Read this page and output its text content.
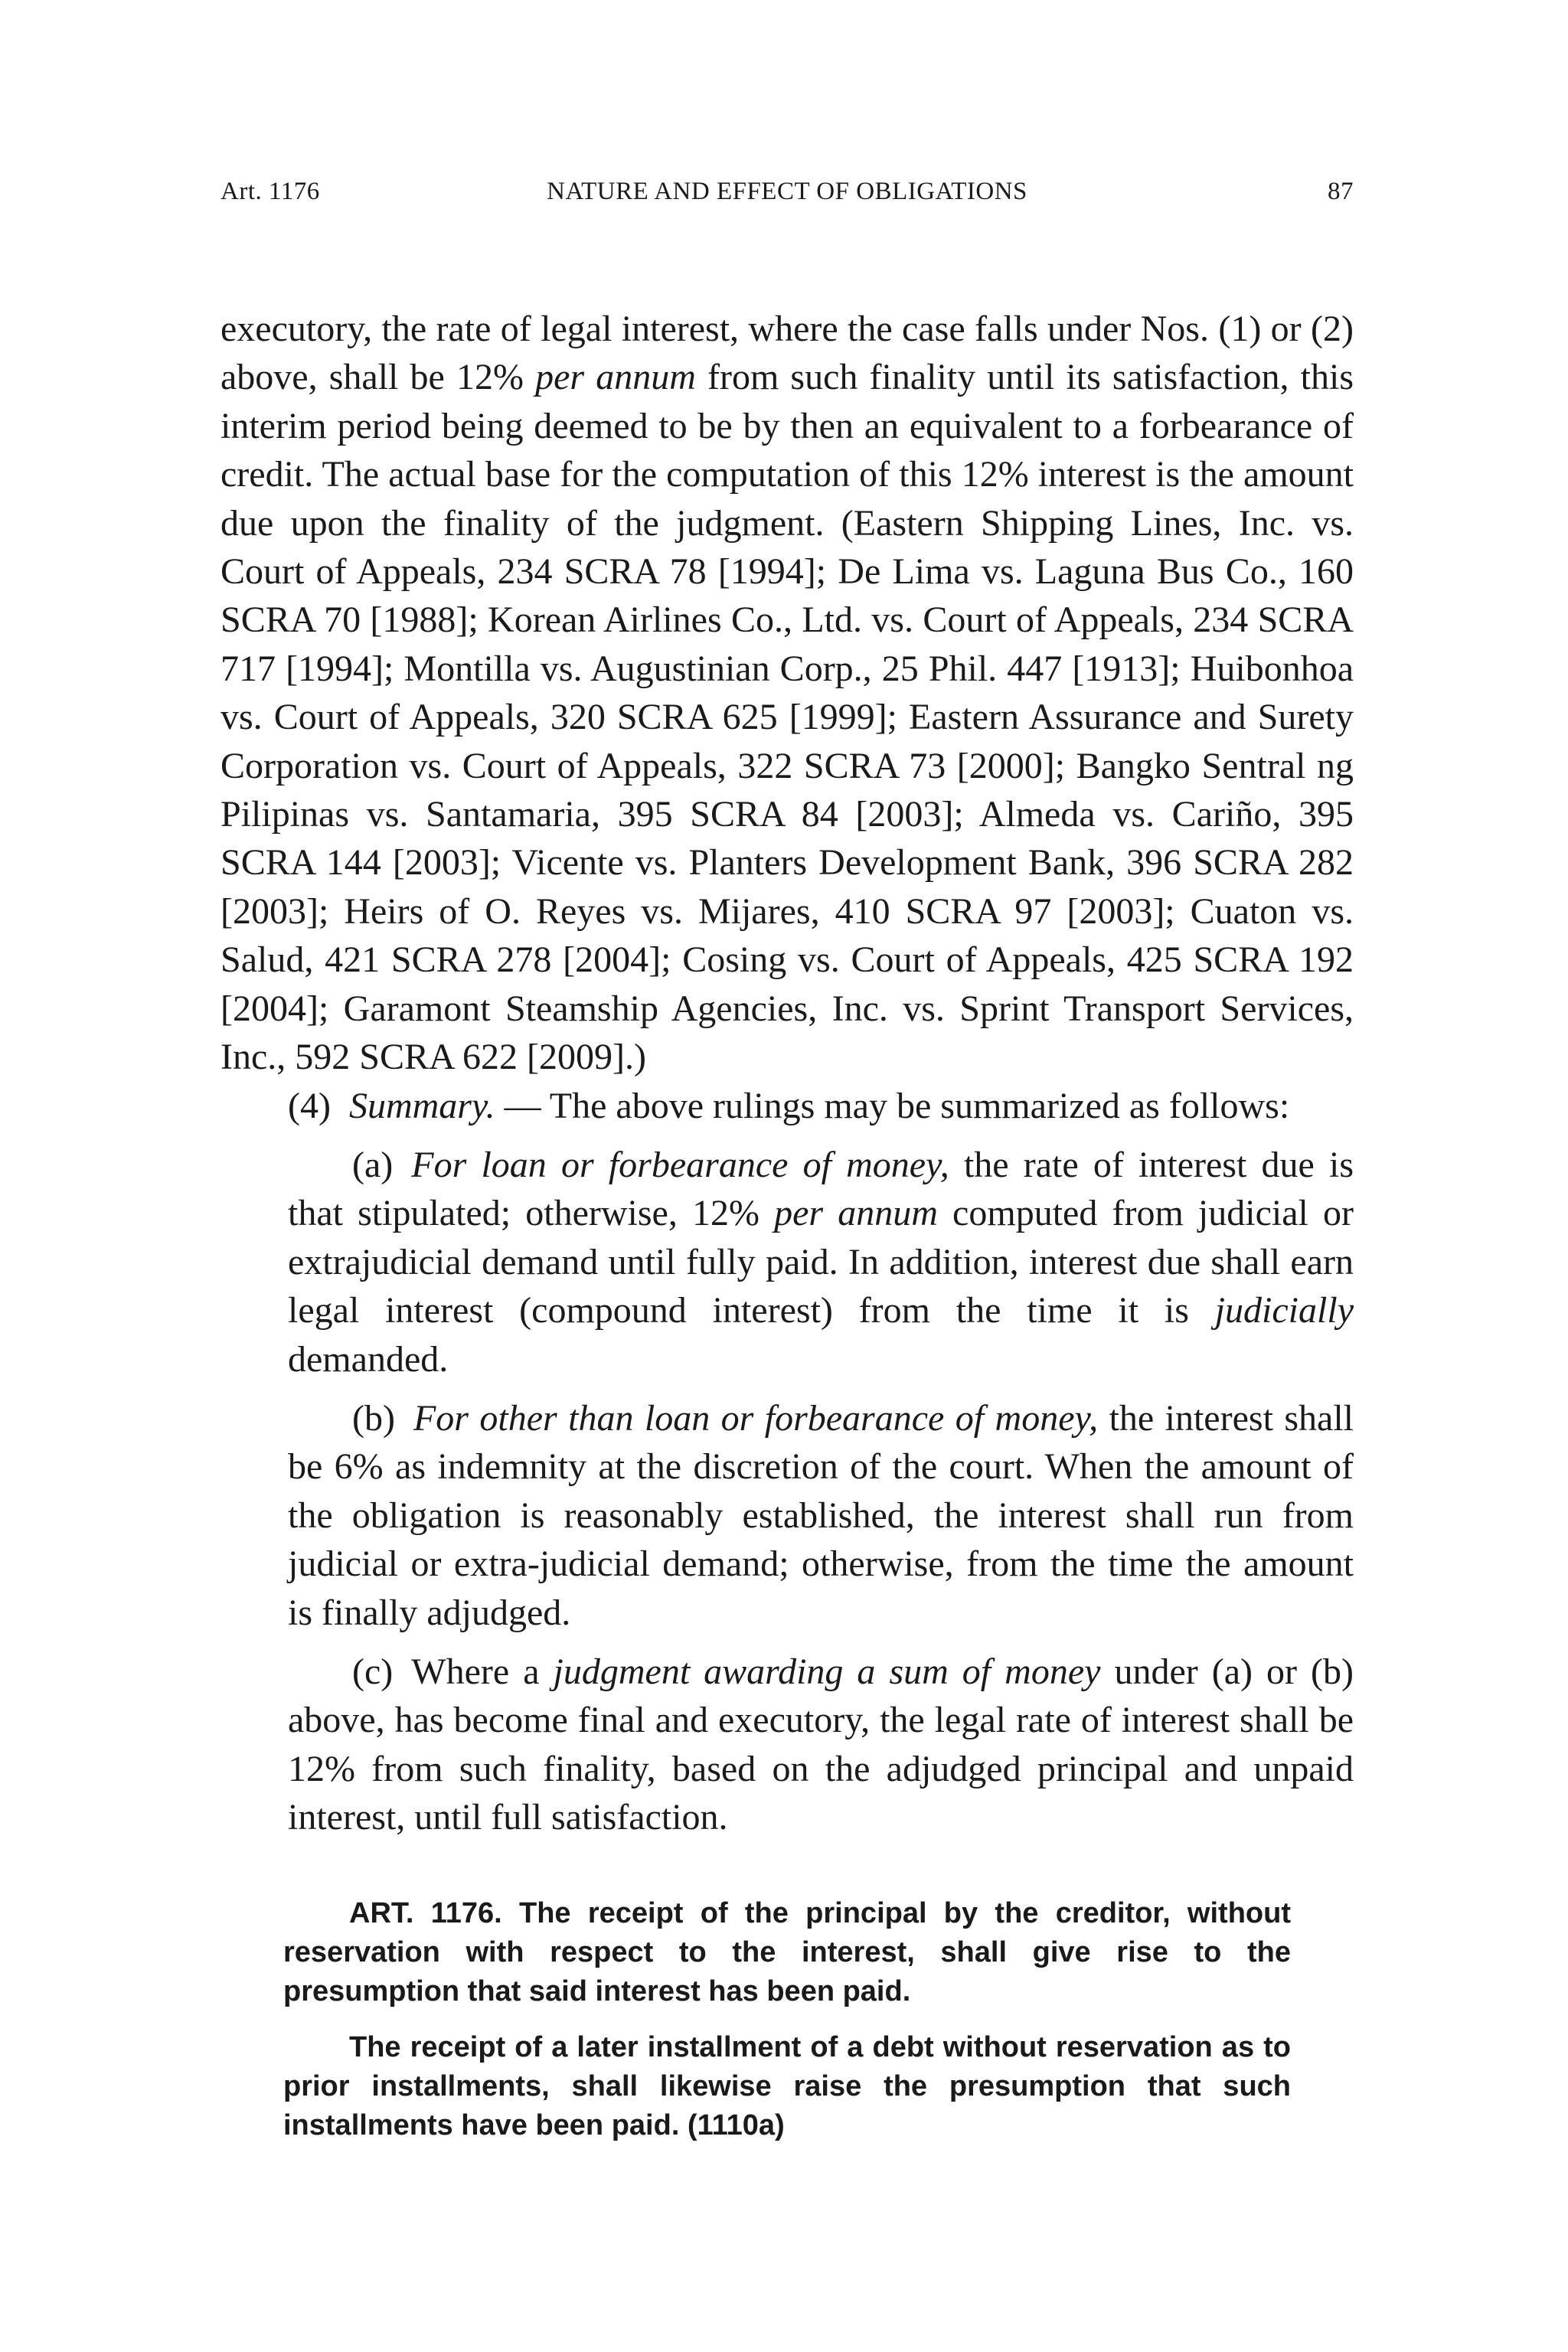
Art. 1176	NATURE AND EFFECT OF OBLIGATIONS	87

executory, the rate of legal interest, where the case falls under Nos. (1) or (2) above, shall be 12% per annum from such finality until its satisfaction, this interim period being deemed to be by then an equivalent to a forbearance of credit. The actual base for the computation of this 12% interest is the amount due upon the finality of the judgment. (Eastern Shipping Lines, Inc. vs. Court of Appeals, 234 SCRA 78 [1994]; De Lima vs. Laguna Bus Co., 160 SCRA 70 [1988]; Korean Airlines Co., Ltd. vs. Court of Appeals, 234 SCRA 717 [1994]; Montilla vs. Augustinian Corp., 25 Phil. 447 [1913]; Huibonhoa vs. Court of Appeals, 320 SCRA 625 [1999]; Eastern Assurance and Surety Corporation vs. Court of Appeals, 322 SCRA 73 [2000]; Bangko Sentral ng Pilipinas vs. Santamaria, 395 SCRA 84 [2003]; Almeda vs. Cariño, 395 SCRA 144 [2003]; Vicente vs. Planters Development Bank, 396 SCRA 282 [2003]; Heirs of O. Reyes vs. Mijares, 410 SCRA 97 [2003]; Cuaton vs. Salud, 421 SCRA 278 [2004]; Cosing vs. Court of Appeals, 425 SCRA 192 [2004]; Garamont Steamship Agencies, Inc. vs. Sprint Transport Services, Inc., 592 SCRA 622 [2009].)

(4)  Summary. — The above rulings may be summarized as follows:

(a)  For loan or forbearance of money, the rate of interest due is that stipulated; otherwise, 12% per annum computed from judicial or extrajudicial demand until fully paid. In addition, interest due shall earn legal interest (compound interest) from the time it is judicially demanded.

(b)  For other than loan or forbearance of money, the interest shall be 6% as indemnity at the discretion of the court. When the amount of the obligation is reasonably established, the interest shall run from judicial or extra-judicial demand; otherwise, from the time the amount is finally adjudged.

(c)  Where a judgment awarding a sum of money under (a) or (b) above, has become final and executory, the legal rate of interest shall be 12% from such finality, based on the adjudged principal and unpaid interest, until full satisfaction.

ART. 1176. The receipt of the principal by the creditor, without reservation with respect to the interest, shall give rise to the presumption that said interest has been paid.

The receipt of a later installment of a debt without reservation as to prior installments, shall likewise raise the presumption that such installments have been paid. (1110a)
